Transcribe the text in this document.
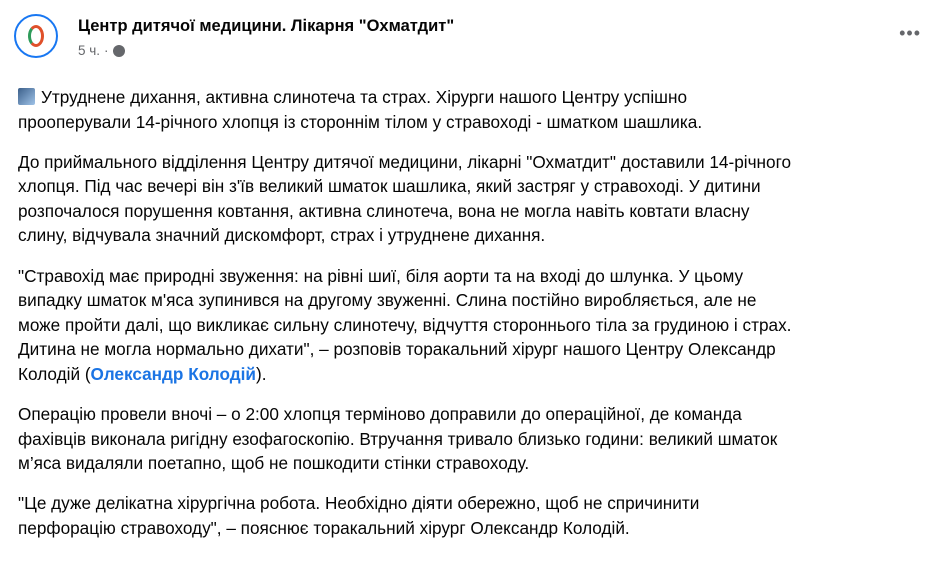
Центр дитячої медицини. Лікарня "Охматдит"
5 ч. ·
•••
Утруднене дихання, активна слинотеча та страх. Хірурги нашого Центру успішно
прооперували 14-річного хлопця із стороннім тілом у стравоході - шматком шашлика.
До приймального відділення Центру дитячої медицини, лікарні "Охматдит" доставили 14-річного
хлопця. Під час вечері він з'їв великий шматок шашлика, який застряг у стравоході. У дитини
розпочалося порушення ковтання, активна слинотеча, вона не могла навіть ковтати власну
слину, відчувала значний дискомфорт, страх і утруднене дихання.
"Стравохід має природні звуження: на рівні шиї, біля аорти та на вході до шлунка. У цьому
випадку шматок м'яса зупинився на другому звуженні. Слина постійно виробляється, але не
може пройти далі, що викликає сильну слинотечу, відчуття стороннього тіла за грудиною і страх.
Дитина не могла нормально дихати", – розповів торакальний хірург нашого Центру Олександр
Колодій (Олександр Колодій).
Операцію провели вночі – о 2:00 хлопця терміново доправили до операційної, де команда
фахівців виконала ригідну езофагоскопію. Втручання тривало близько години: великий шматок
м’яса видаляли поетапно, щоб не пошкодити стінки стравоходу.
"Це дуже делікатна хірургічна робота. Необхідно діяти обережно, щоб не спричинити
перфорацію стравоходу", – пояснює торакальний хірург Олександр Колодій.
